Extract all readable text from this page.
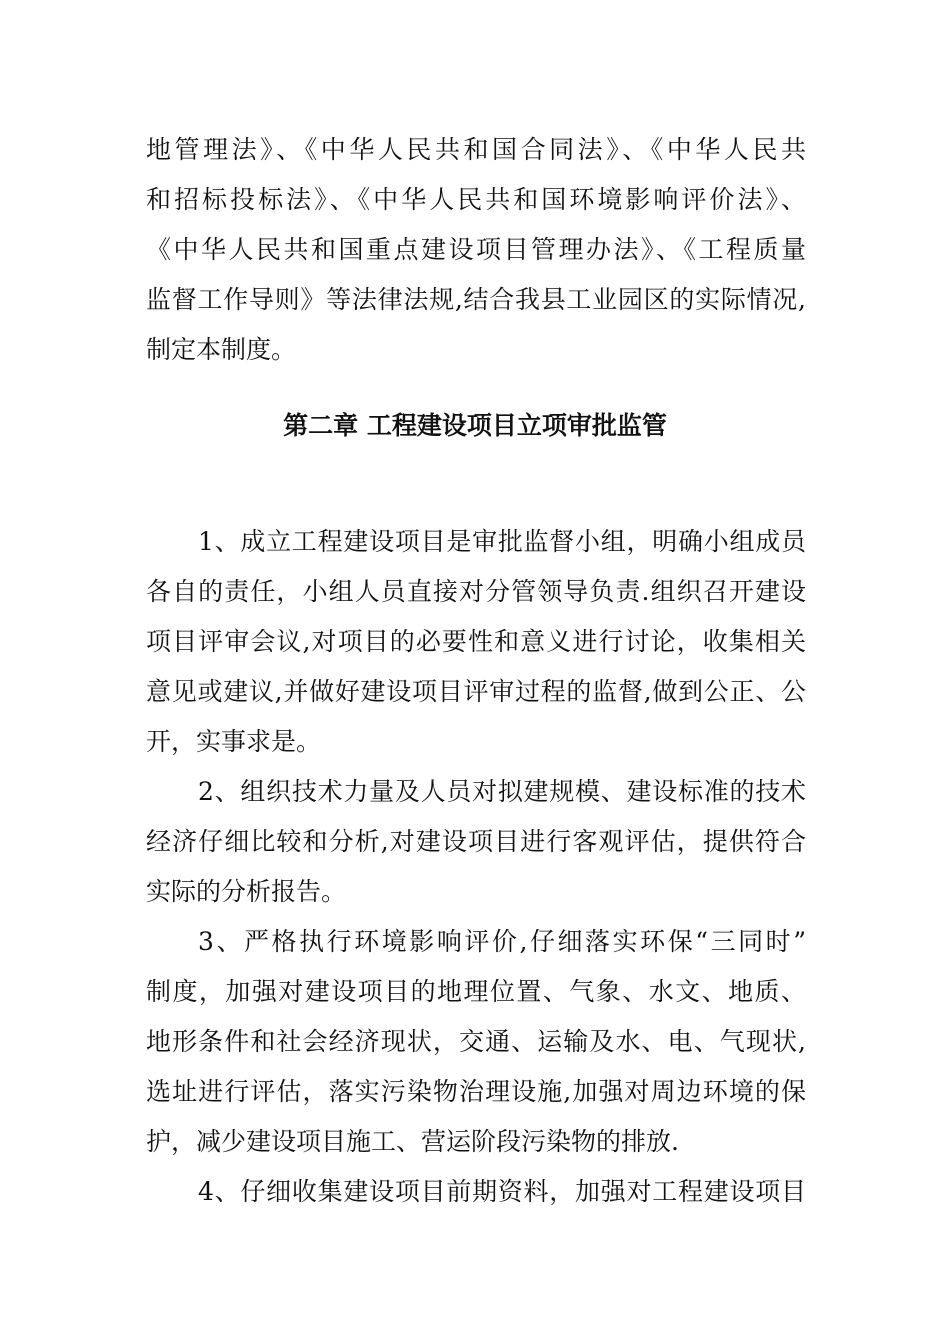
地管理法》、《中华人民共和国合同法》、《中华人民共
和招标投标法》、《中华人民共和国环境影响评价法》、
《中华人民共和国重点建设项目管理办法》、《工程质量
监督工作导则》等法律法规,结合我县工业园区的实际情况,
制定本制度。
第二章 工程建设项目立项审批监管
1、成立工程建设项目是审批监督小组，明确小组成员
各自的责任，小组人员直接对分管领导负责.组织召开建设
项目评审会议,对项目的必要性和意义进行讨论，收集相关
意见或建议,并做好建设项目评审过程的监督,做到公正、公
开，实事求是。
2、组织技术力量及人员对拟建规模、建设标准的技术
经济仔细比较和分析,对建设项目进行客观评估，提供符合
实际的分析报告。
3、严格执行环境影响评价,仔细落实环保“三同时”
制度，加强对建设项目的地理位置、气象、水文、地质、
地形条件和社会经济现状，交通、运输及水、电、气现状,
选址进行评估，落实污染物治理设施,加强对周边环境的保
护，减少建设项目施工、营运阶段污染物的排放.
4、仔细收集建设项目前期资料，加强对工程建设项目
